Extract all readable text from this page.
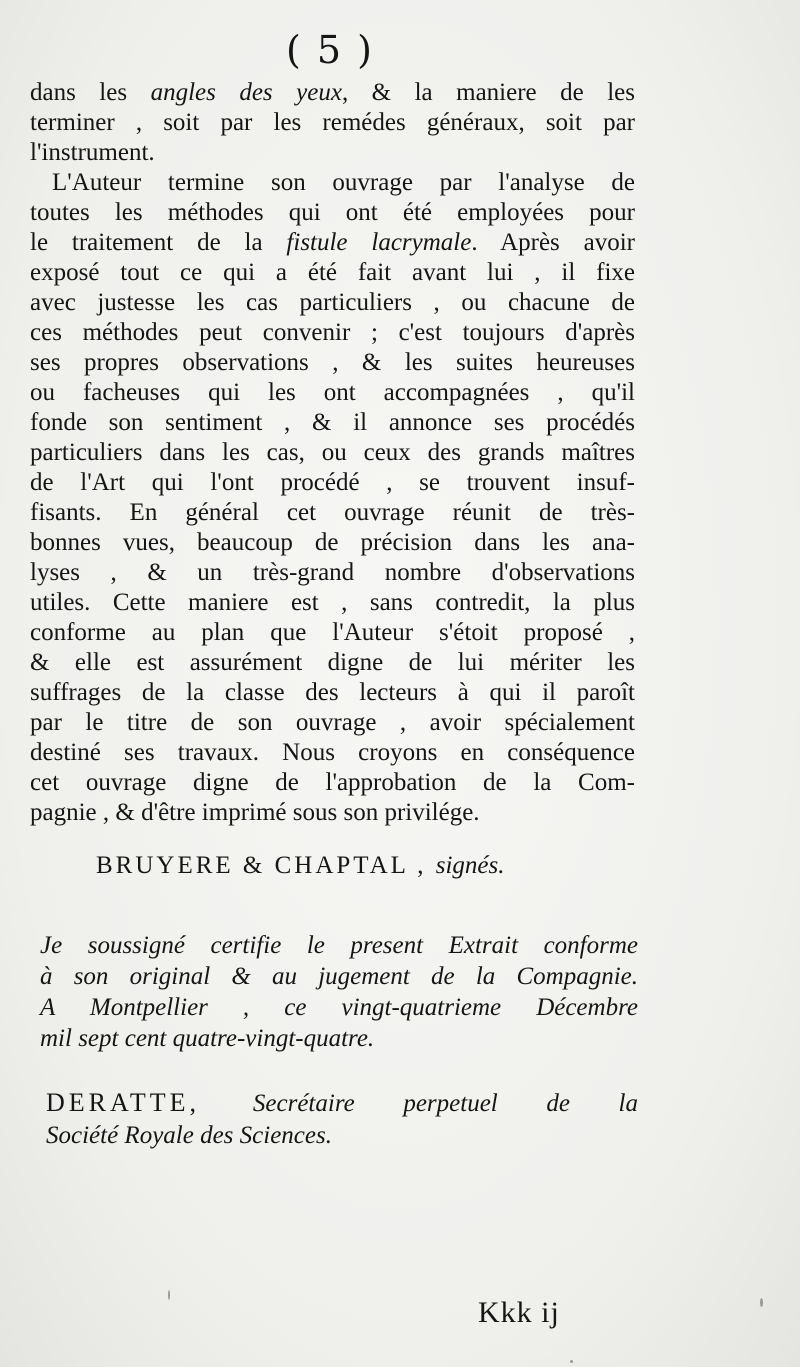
( 5 )
dans les angles des yeux, & la maniere de les
terminer , soit par les remédes généraux, soit par
l'instrument.
L'Auteur termine son ouvrage par l'analyse de
toutes les méthodes qui ont été employées pour
le traitement de la fistule lacrymale. Après avoir
exposé tout ce qui a été fait avant lui , il fixe
avec justesse les cas particuliers , ou chacune de
ces méthodes peut convenir ; c'est toujours d'après
ses propres observations , & les suites heureuses
ou facheuses qui les ont accompagnées , qu'il
fonde son sentiment , & il annonce ses procédés
particuliers dans les cas, ou ceux des grands maîtres
de l'Art qui l'ont procédé , se trouvent insuf-
fisants. En général cet ouvrage réunit de très-
bonnes vues, beaucoup de précision dans les ana-
lyses , & un très-grand nombre d'observations
utiles. Cette maniere est , sans contredit, la plus
conforme au plan que l'Auteur s'étoit proposé ,
& elle est assurément digne de lui mériter les
suffrages de la classe des lecteurs à qui il paroît
par le titre de son ouvrage , avoir spécialement
destiné ses travaux. Nous croyons en conséquence
cet ouvrage digne de l'approbation de la Com-
pagnie , & d'être imprimé sous son privilége.
BRUYERE & CHAPTAL , signés.
Je soussigné certifie le present Extrait conforme
à son original & au jugement de la Compagnie.
A Montpellier , ce vingt-quatrieme Décembre
mil sept cent quatre-vingt-quatre.
DERATTE, Secrétaire perpetuel de la
Société Royale des Sciences.
Kkk ij
